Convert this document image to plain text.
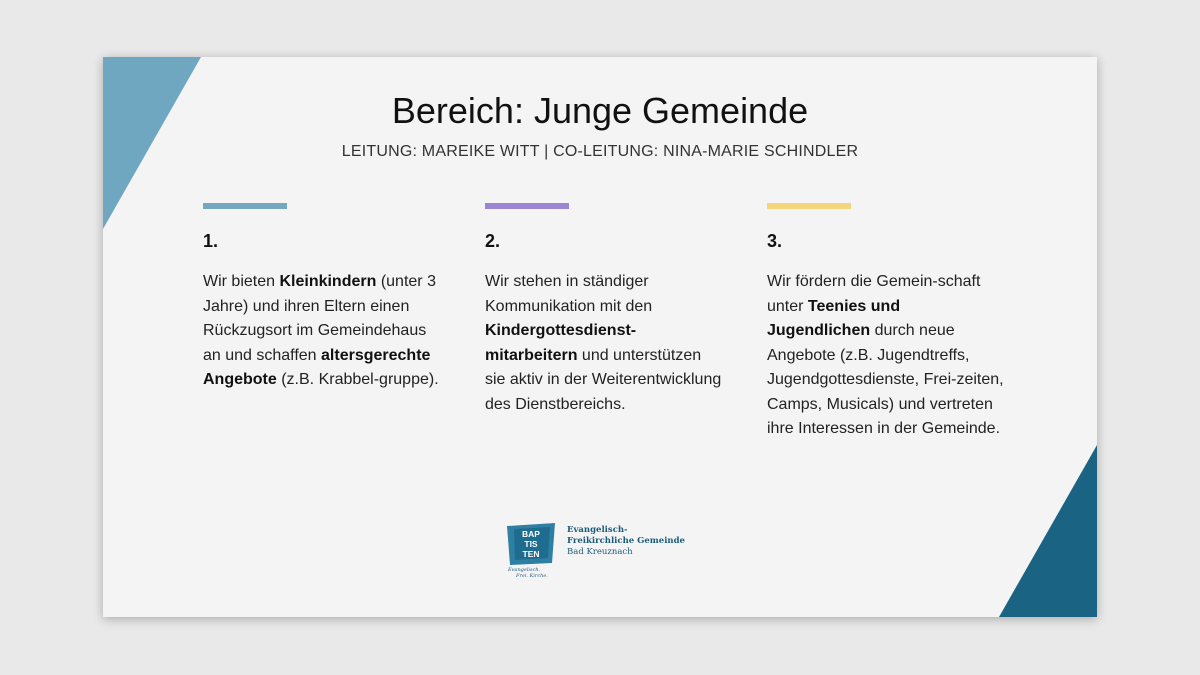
Bereich: Junge Gemeinde
LEITUNG: MAREIKE WITT | CO-LEITUNG: NINA-MARIE SCHINDLER
1.
Wir bieten Kleinkindern (unter 3 Jahre) und ihren Eltern einen Rückzugsort im Gemeindehaus an und schaffen altersgerechte Angebote (z.B. Krabbel-gruppe).
2.
Wir stehen in ständiger Kommunikation mit den Kindergottesdienst-mitarbeitern und unterstützen sie aktiv in der Weiterentwicklung des Dienstbereichs.
3.
Wir fördern die Gemein-schaft unter Teenies und Jugendlichen durch neue Angebote (z.B. Jugendtreffs, Jugendgottesdienste, Frei-zeiten, Camps, Musicals) und vertreten ihre Interessen in der Gemeinde.
BAP
TIS
TEN
Evangelisch.
Frei. Kirche.
Evangelisch-
Freikirchliche Gemeinde
Bad Kreuznach
